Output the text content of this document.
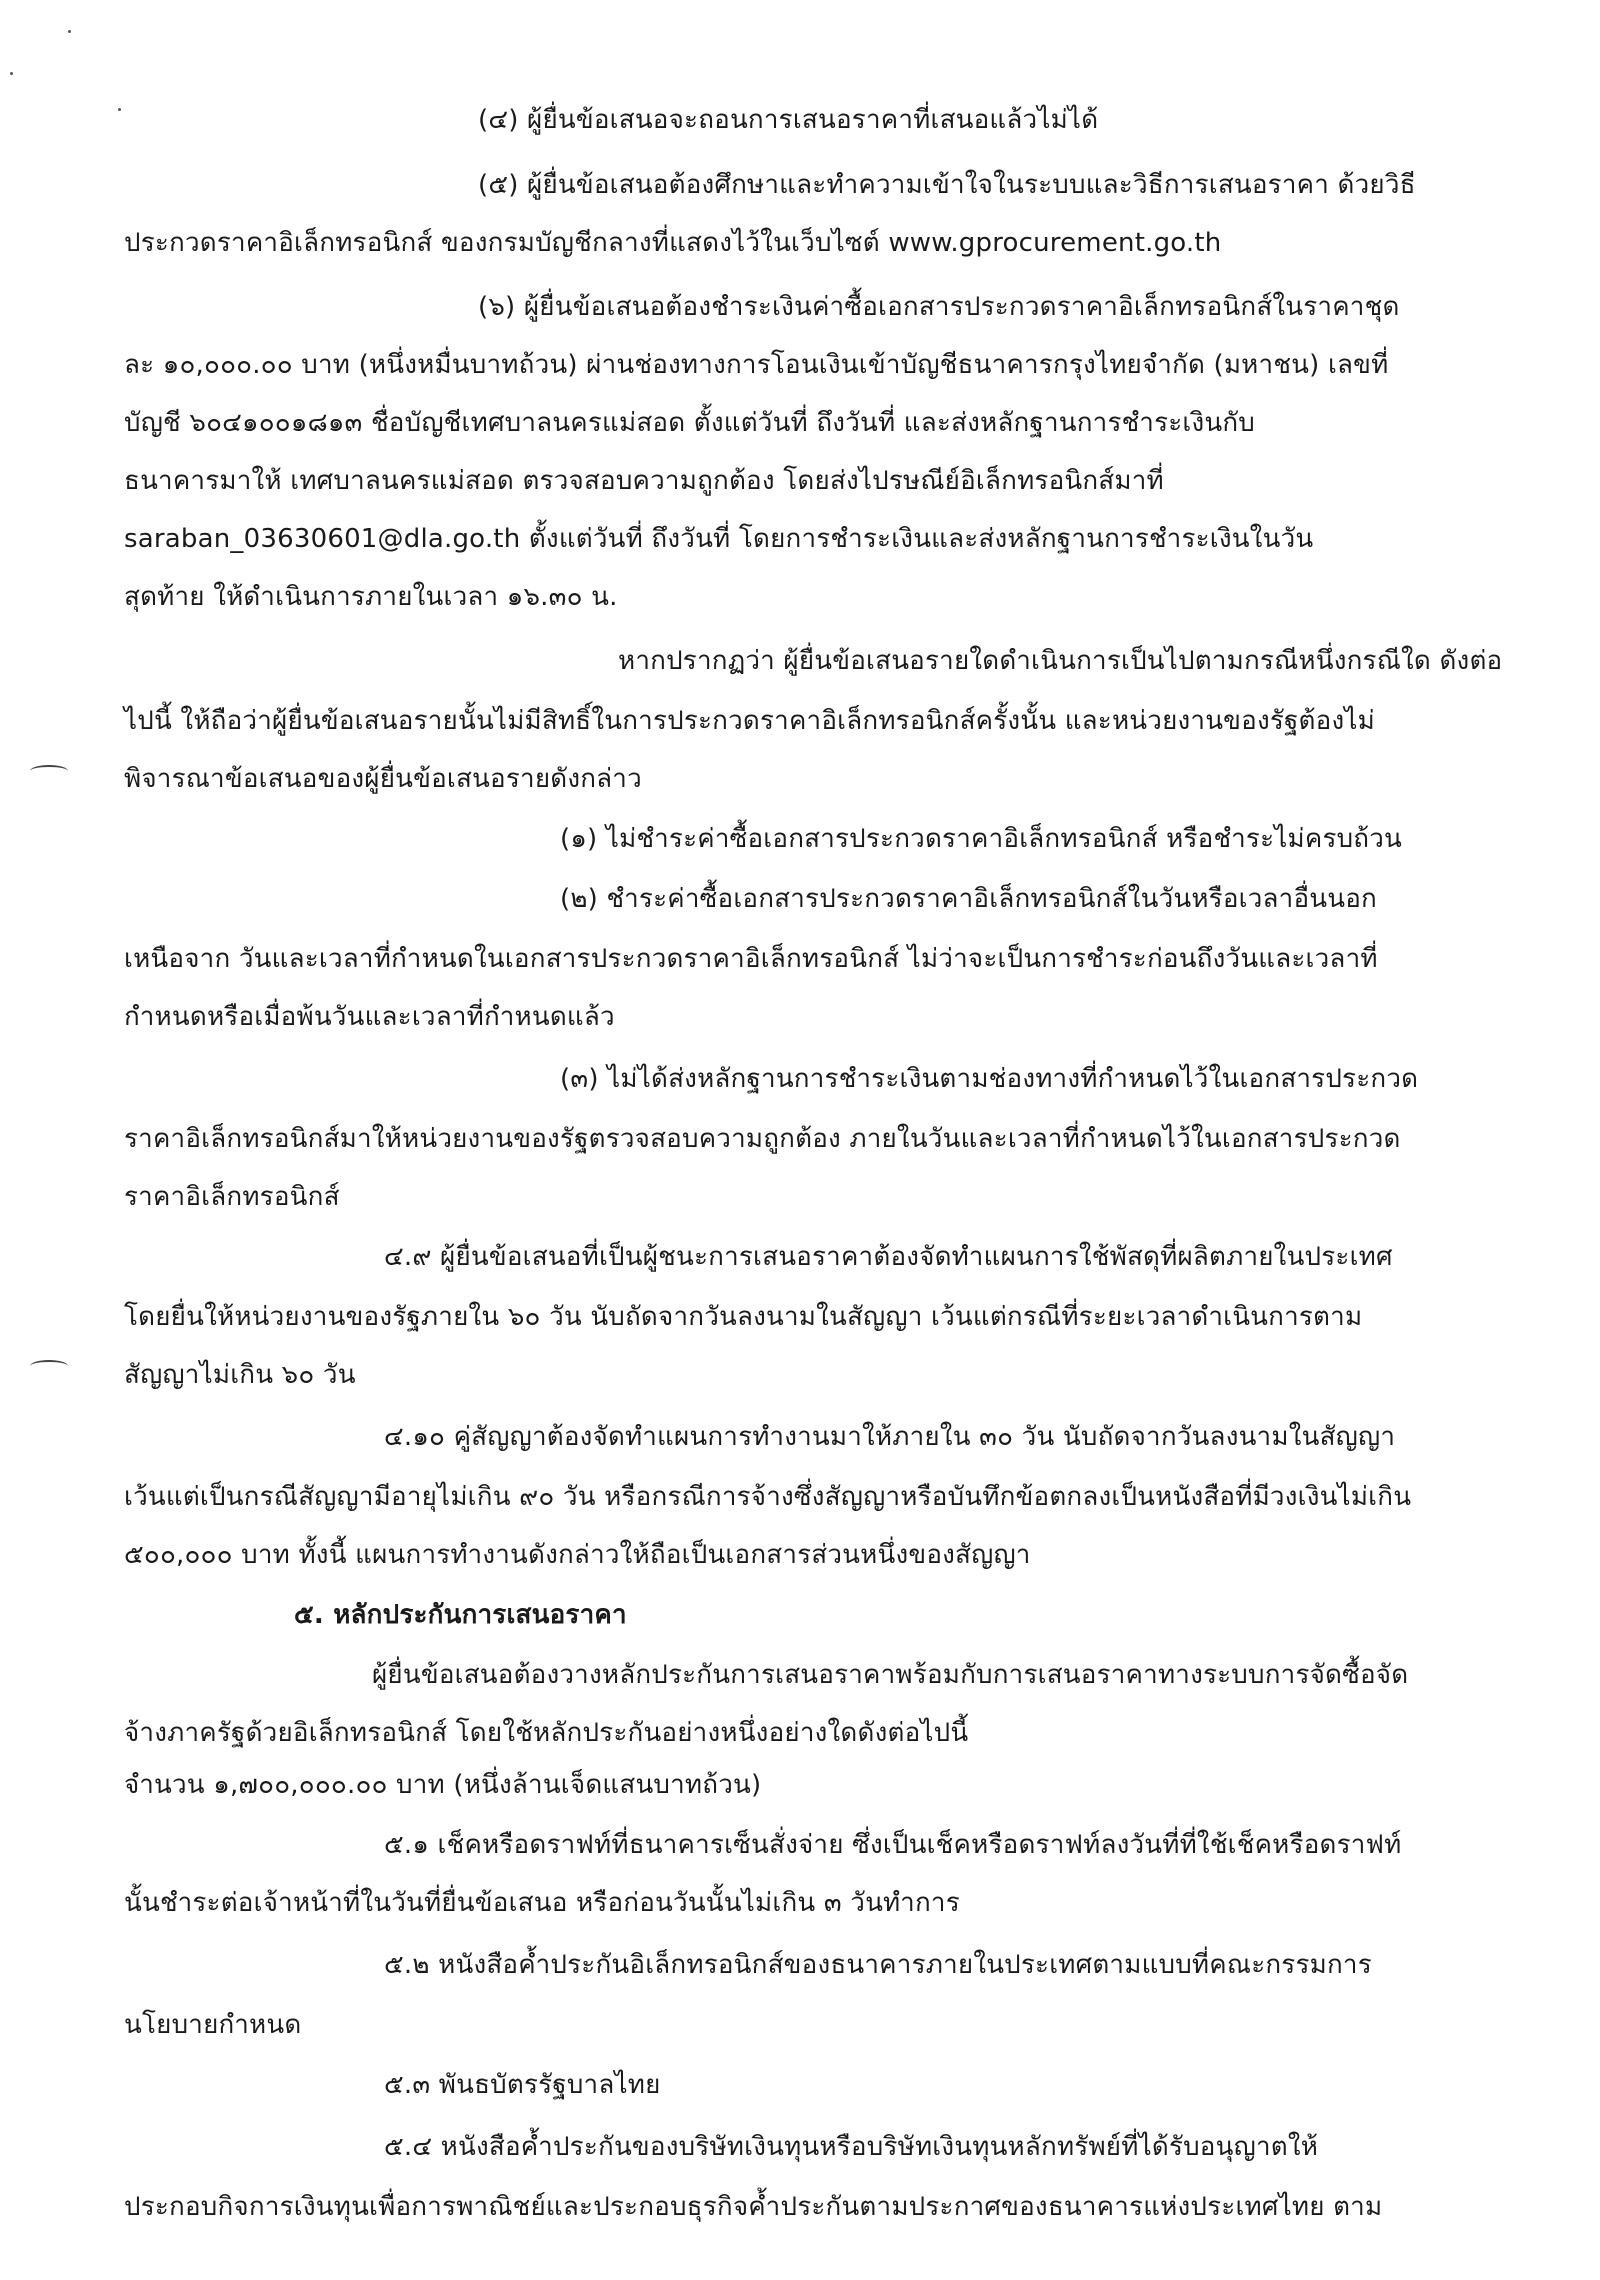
(๔) ผู้ยื่นข้อเสนอจะถอนการเสนอราคาที่เสนอแล้วไม่ได้
(๕) ผู้ยื่นข้อเสนอต้องศึกษาและทำความเข้าใจในระบบและวิธีการเสนอราคา ด้วยวิธี
ประกวดราคาอิเล็กทรอนิกส์ ของกรมบัญชีกลางที่แสดงไว้ในเว็บไซต์ www.gprocurement.go.th
(๖) ผู้ยื่นข้อเสนอต้องชำระเงินค่าซื้อเอกสารประกวดราคาอิเล็กทรอนิกส์ในราคาชุด
ละ ๑๐,๐๐๐.๐๐ บาท (หนึ่งหมื่นบาทถ้วน) ผ่านช่องทางการโอนเงินเข้าบัญชีธนาคารกรุงไทยจำกัด (มหาชน) เลขที่
บัญชี ๖๐๔๑๐๐๑๘๑๓ ชื่อบัญชีเทศบาลนครแม่สอด ตั้งแต่วันที่ ถึงวันที่ และส่งหลักฐานการชำระเงินกับ
ธนาคารมาให้ เทศบาลนครแม่สอด ตรวจสอบความถูกต้อง โดยส่งไปรษณีย์อิเล็กทรอนิกส์มาที่
saraban_03630601@dla.go.th ตั้งแต่วันที่ ถึงวันที่ โดยการชำระเงินและส่งหลักฐานการชำระเงินในวัน
สุดท้าย ให้ดำเนินการภายในเวลา ๑๖.๓๐ น.
หากปรากฏว่า ผู้ยื่นข้อเสนอรายใดดำเนินการเป็นไปตามกรณีหนึ่งกรณีใด ดังต่อ
ไปนี้ ให้ถือว่าผู้ยื่นข้อเสนอรายนั้นไม่มีสิทธิ์ในการประกวดราคาอิเล็กทรอนิกส์ครั้งนั้น และหน่วยงานของรัฐต้องไม่
พิจารณาข้อเสนอของผู้ยื่นข้อเสนอรายดังกล่าว
(๑) ไม่ชำระค่าซื้อเอกสารประกวดราคาอิเล็กทรอนิกส์ หรือชำระไม่ครบถ้วน
(๒) ชำระค่าซื้อเอกสารประกวดราคาอิเล็กทรอนิกส์ในวันหรือเวลาอื่นนอก
เหนือจาก วันและเวลาที่กำหนดในเอกสารประกวดราคาอิเล็กทรอนิกส์ ไม่ว่าจะเป็นการชำระก่อนถึงวันและเวลาที่
กำหนดหรือเมื่อพ้นวันและเวลาที่กำหนดแล้ว
(๓) ไม่ได้ส่งหลักฐานการชำระเงินตามช่องทางที่กำหนดไว้ในเอกสารประกวด
ราคาอิเล็กทรอนิกส์มาให้หน่วยงานของรัฐตรวจสอบความถูกต้อง ภายในวันและเวลาที่กำหนดไว้ในเอกสารประกวด
ราคาอิเล็กทรอนิกส์
๔.๙ ผู้ยื่นข้อเสนอที่เป็นผู้ชนะการเสนอราคาต้องจัดทำแผนการใช้พัสดุที่ผลิตภายในประเทศ
โดยยื่นให้หน่วยงานของรัฐภายใน ๖๐ วัน นับถัดจากวันลงนามในสัญญา เว้นแต่กรณีที่ระยะเวลาดำเนินการตาม
สัญญาไม่เกิน ๖๐ วัน
๔.๑๐ คู่สัญญาต้องจัดทำแผนการทำงานมาให้ภายใน ๓๐ วัน นับถัดจากวันลงนามในสัญญา
เว้นแต่เป็นกรณีสัญญามีอายุไม่เกิน ๙๐ วัน หรือกรณีการจ้างซึ่งสัญญาหรือบันทึกข้อตกลงเป็นหนังสือที่มีวงเงินไม่เกิน
๕๐๐,๐๐๐ บาท ทั้งนี้ แผนการทำงานดังกล่าวให้ถือเป็นเอกสารส่วนหนึ่งของสัญญา
๕. หลักประกันการเสนอราคา
ผู้ยื่นข้อเสนอต้องวางหลักประกันการเสนอราคาพร้อมกับการเสนอราคาทางระบบการจัดซื้อจัด
จ้างภาครัฐด้วยอิเล็กทรอนิกส์ โดยใช้หลักประกันอย่างหนึ่งอย่างใดดังต่อไปนี้
จำนวน ๑,๗๐๐,๐๐๐.๐๐ บาท (หนึ่งล้านเจ็ดแสนบาทถ้วน)
๕.๑ เช็คหรือดราฟท์ที่ธนาคารเซ็นสั่งจ่าย ซึ่งเป็นเช็คหรือดราฟท์ลงวันที่ที่ใช้เช็คหรือดราฟท์
นั้นชำระต่อเจ้าหน้าที่ในวันที่ยื่นข้อเสนอ หรือก่อนวันนั้นไม่เกิน ๓ วันทำการ
๕.๒ หนังสือค้ำประกันอิเล็กทรอนิกส์ของธนาคารภายในประเทศตามแบบที่คณะกรรมการ
นโยบายกำหนด
๕.๓ พันธบัตรรัฐบาลไทย
๕.๔ หนังสือค้ำประกันของบริษัทเงินทุนหรือบริษัทเงินทุนหลักทรัพย์ที่ได้รับอนุญาตให้
ประกอบกิจการเงินทุนเพื่อการพาณิชย์และประกอบธุรกิจค้ำประกันตามประกาศของธนาคารแห่งประเทศไทย ตาม
